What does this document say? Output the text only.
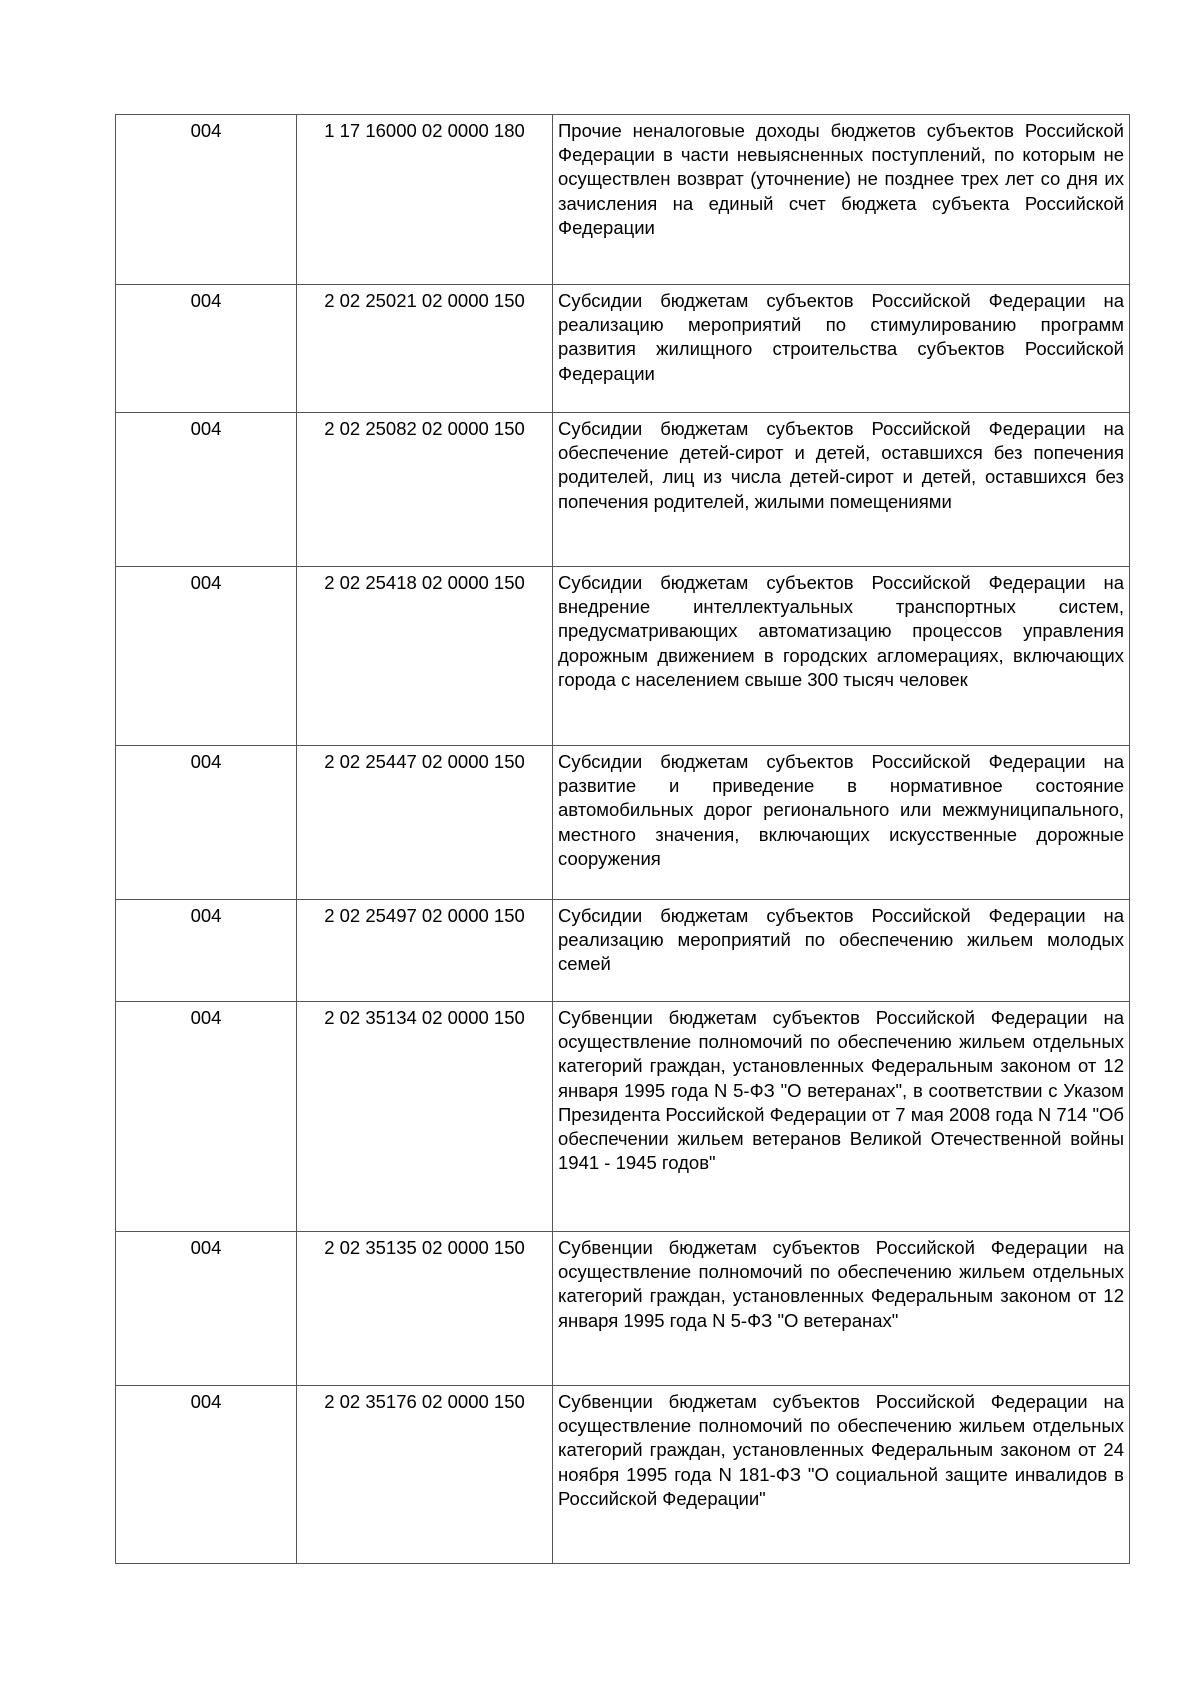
004	1 17 16000 02 0000 180	Прочие неналоговые доходы бюджетов субъектов Российской Федерации в части невыясненных поступлений, по которым не осуществлен возврат (уточнение) не позднее трех лет со дня их зачисления на единый счет бюджета субъекта Российской Федерации
004	2 02 25021 02 0000 150	Субсидии бюджетам субъектов Российской Федерации на реализацию мероприятий по стимулированию программ развития жилищного строительства субъектов Российской Федерации
004	2 02 25082 02 0000 150	Субсидии бюджетам субъектов Российской Федерации на обеспечение детей-сирот и детей, оставшихся без попечения родителей, лиц из числа детей-сирот и детей, оставшихся без попечения родителей, жилыми помещениями
004	2 02 25418 02 0000 150	Субсидии бюджетам субъектов Российской Федерации на внедрение интеллектуальных транспортных систем, предусматривающих автоматизацию процессов управления дорожным движением в городских агломерациях, включающих города с населением свыше 300 тысяч человек
004	2 02 25447 02 0000 150	Субсидии бюджетам субъектов Российской Федерации на развитие и приведение в нормативное состояние автомобильных дорог регионального или межмуниципального, местного значения, включающих искусственные дорожные сооружения
004	2 02 25497 02 0000 150	Субсидии бюджетам субъектов Российской Федерации на реализацию мероприятий по обеспечению жильем молодых семей
004	2 02 35134 02 0000 150	Субвенции бюджетам субъектов Российской Федерации на осуществление полномочий по обеспечению жильем отдельных категорий граждан, установленных Федеральным законом от 12 января 1995 года N 5-ФЗ "О ветеранах", в соответствии с Указом Президента Российской Федерации от 7 мая 2008 года N 714 "Об обеспечении жильем ветеранов Великой Отечественной войны 1941 - 1945 годов"
004	2 02 35135 02 0000 150	Субвенции бюджетам субъектов Российской Федерации на осуществление полномочий по обеспечению жильем отдельных категорий граждан, установленных Федеральным законом от 12 января 1995 года N 5-ФЗ "О ветеранах"
004	2 02 35176 02 0000 150	Субвенции бюджетам субъектов Российской Федерации на осуществление полномочий по обеспечению жильем отдельных категорий граждан, установленных Федеральным законом от 24 ноября 1995 года N 181-ФЗ "О социальной защите инвалидов в Российской Федерации"
